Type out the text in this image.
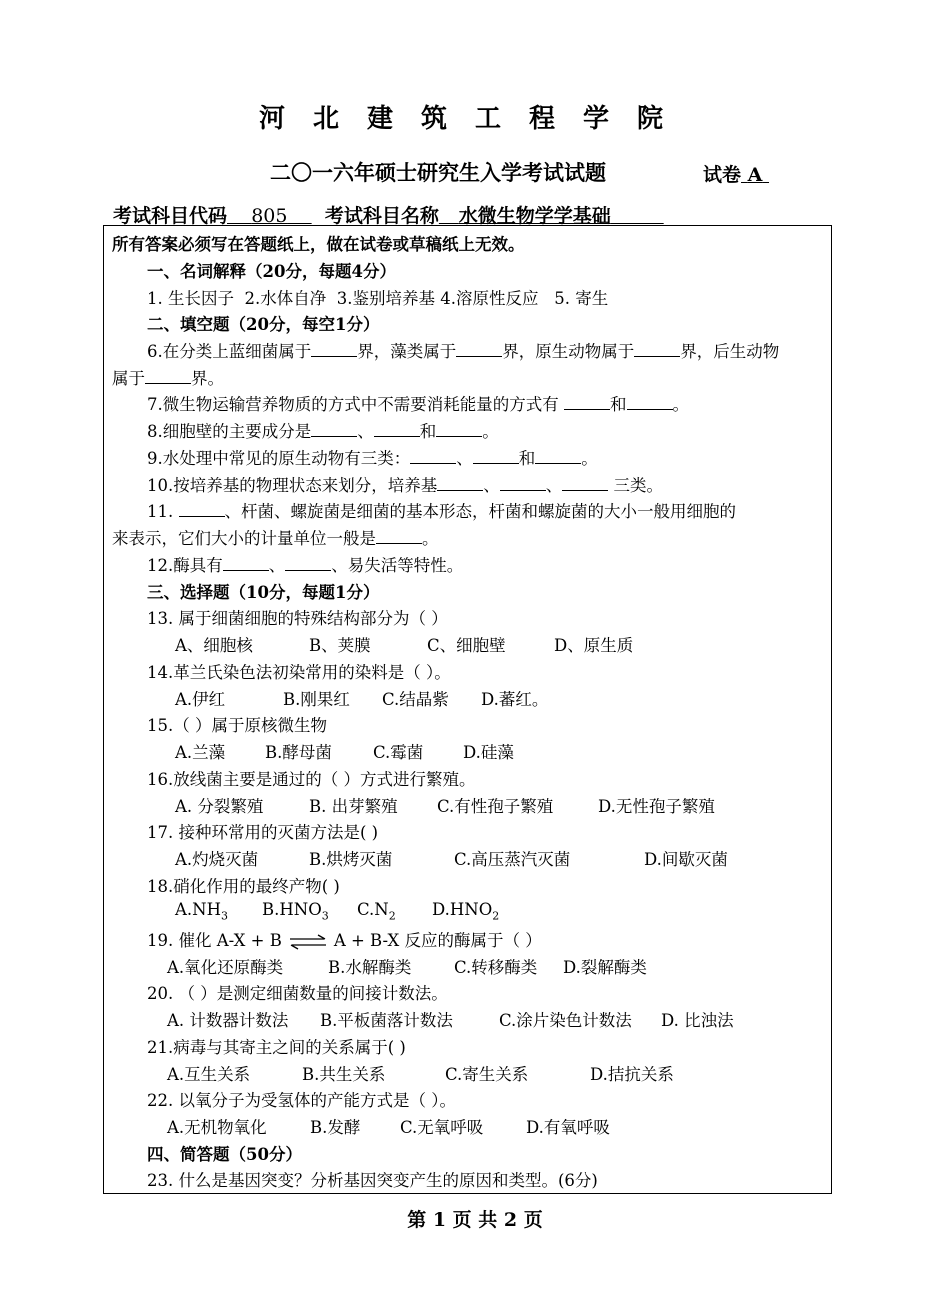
河北建筑工程学院
二〇一六年硕士研究生入学考试试题	试卷 A
考试科目代码 805 考试科目名称 水微生物学学基础
所有答案必须写在答题纸上，做在试卷或草稿纸上无效。
一、名词解释（20分，每题4分）
1. 生长因子 2.水体自净 3.鉴别培养基 4.溶原性反应 5. 寄生
二、填空题（20分，每空1分）
6.在分类上蓝细菌属于	界，藻类属于	界，原生动物属于	界，后生动物
属于	界。
7.微生物运输营养物质的方式中不需要消耗能量的方式有	和	。
8.细胞壁的主要成分是	、	和	。
9.水处理中常见的原生动物有三类：	、	和	。
10.按培养基的物理状态来划分，培养基	、	、	三类。
11.	、杆菌、螺旋菌是细菌的基本形态，杆菌和螺旋菌的大小一般用细胞的
来表示，它们大小的计量单位一般是	。
12.酶具有	、	、易失活等特性。
三、选择题（10分，每题1分）
13. 属于细菌细胞的特殊结构部分为（ ）
A、细胞核	B、荚膜	C、细胞壁	D、原生质
14.革兰氏染色法初染常用的染料是（ ）。
A.伊红	B.刚果红 C.结晶紫 D.蕃红。
15.（ ）属于原核微生物
A.兰藻 B.酵母菌 C.霉菌 D.硅藻
16.放线菌主要是通过的（ ）方式进行繁殖。
A. 分裂繁殖	B. 出芽繁殖 C.有性孢子繁殖	D.无性孢子繁殖
17. 接种环常用的灭菌方法是( )
A.灼烧灭菌	B.烘烤灭菌	C.高压蒸汽灭菌	D.间歇灭菌
18.硝化作用的最终产物( )
$A.NH_3$ $B.HNO_3$ $C.N_2$ $D.HNO_2$
19. 催化 A-X + B ⇌ A + B-X 反应的酶属于（ ）
A.氧化还原酶类	B.水解酶类	C.转移酶类 D.裂解酶类
20. （ ）是测定细菌数量的间接计数法。
A. 计数器计数法 B.平板菌落计数法	C.涂片染色计数法 D. 比浊法
21.病毒与其寄主之间的关系属于( )
A.互生关系	B.共生关系	C.寄生关系	D.拮抗关系
22. 以氧分子为受氢体的产能方式是（ ）。
A.无机物氧化	B.发酵 C.无氧呼吸	D.有氧呼吸
四、简答题（50分）
23. 什么是基因突变？分析基因突变产生的原因和类型。(6分)
第 1 页 共 2 页
